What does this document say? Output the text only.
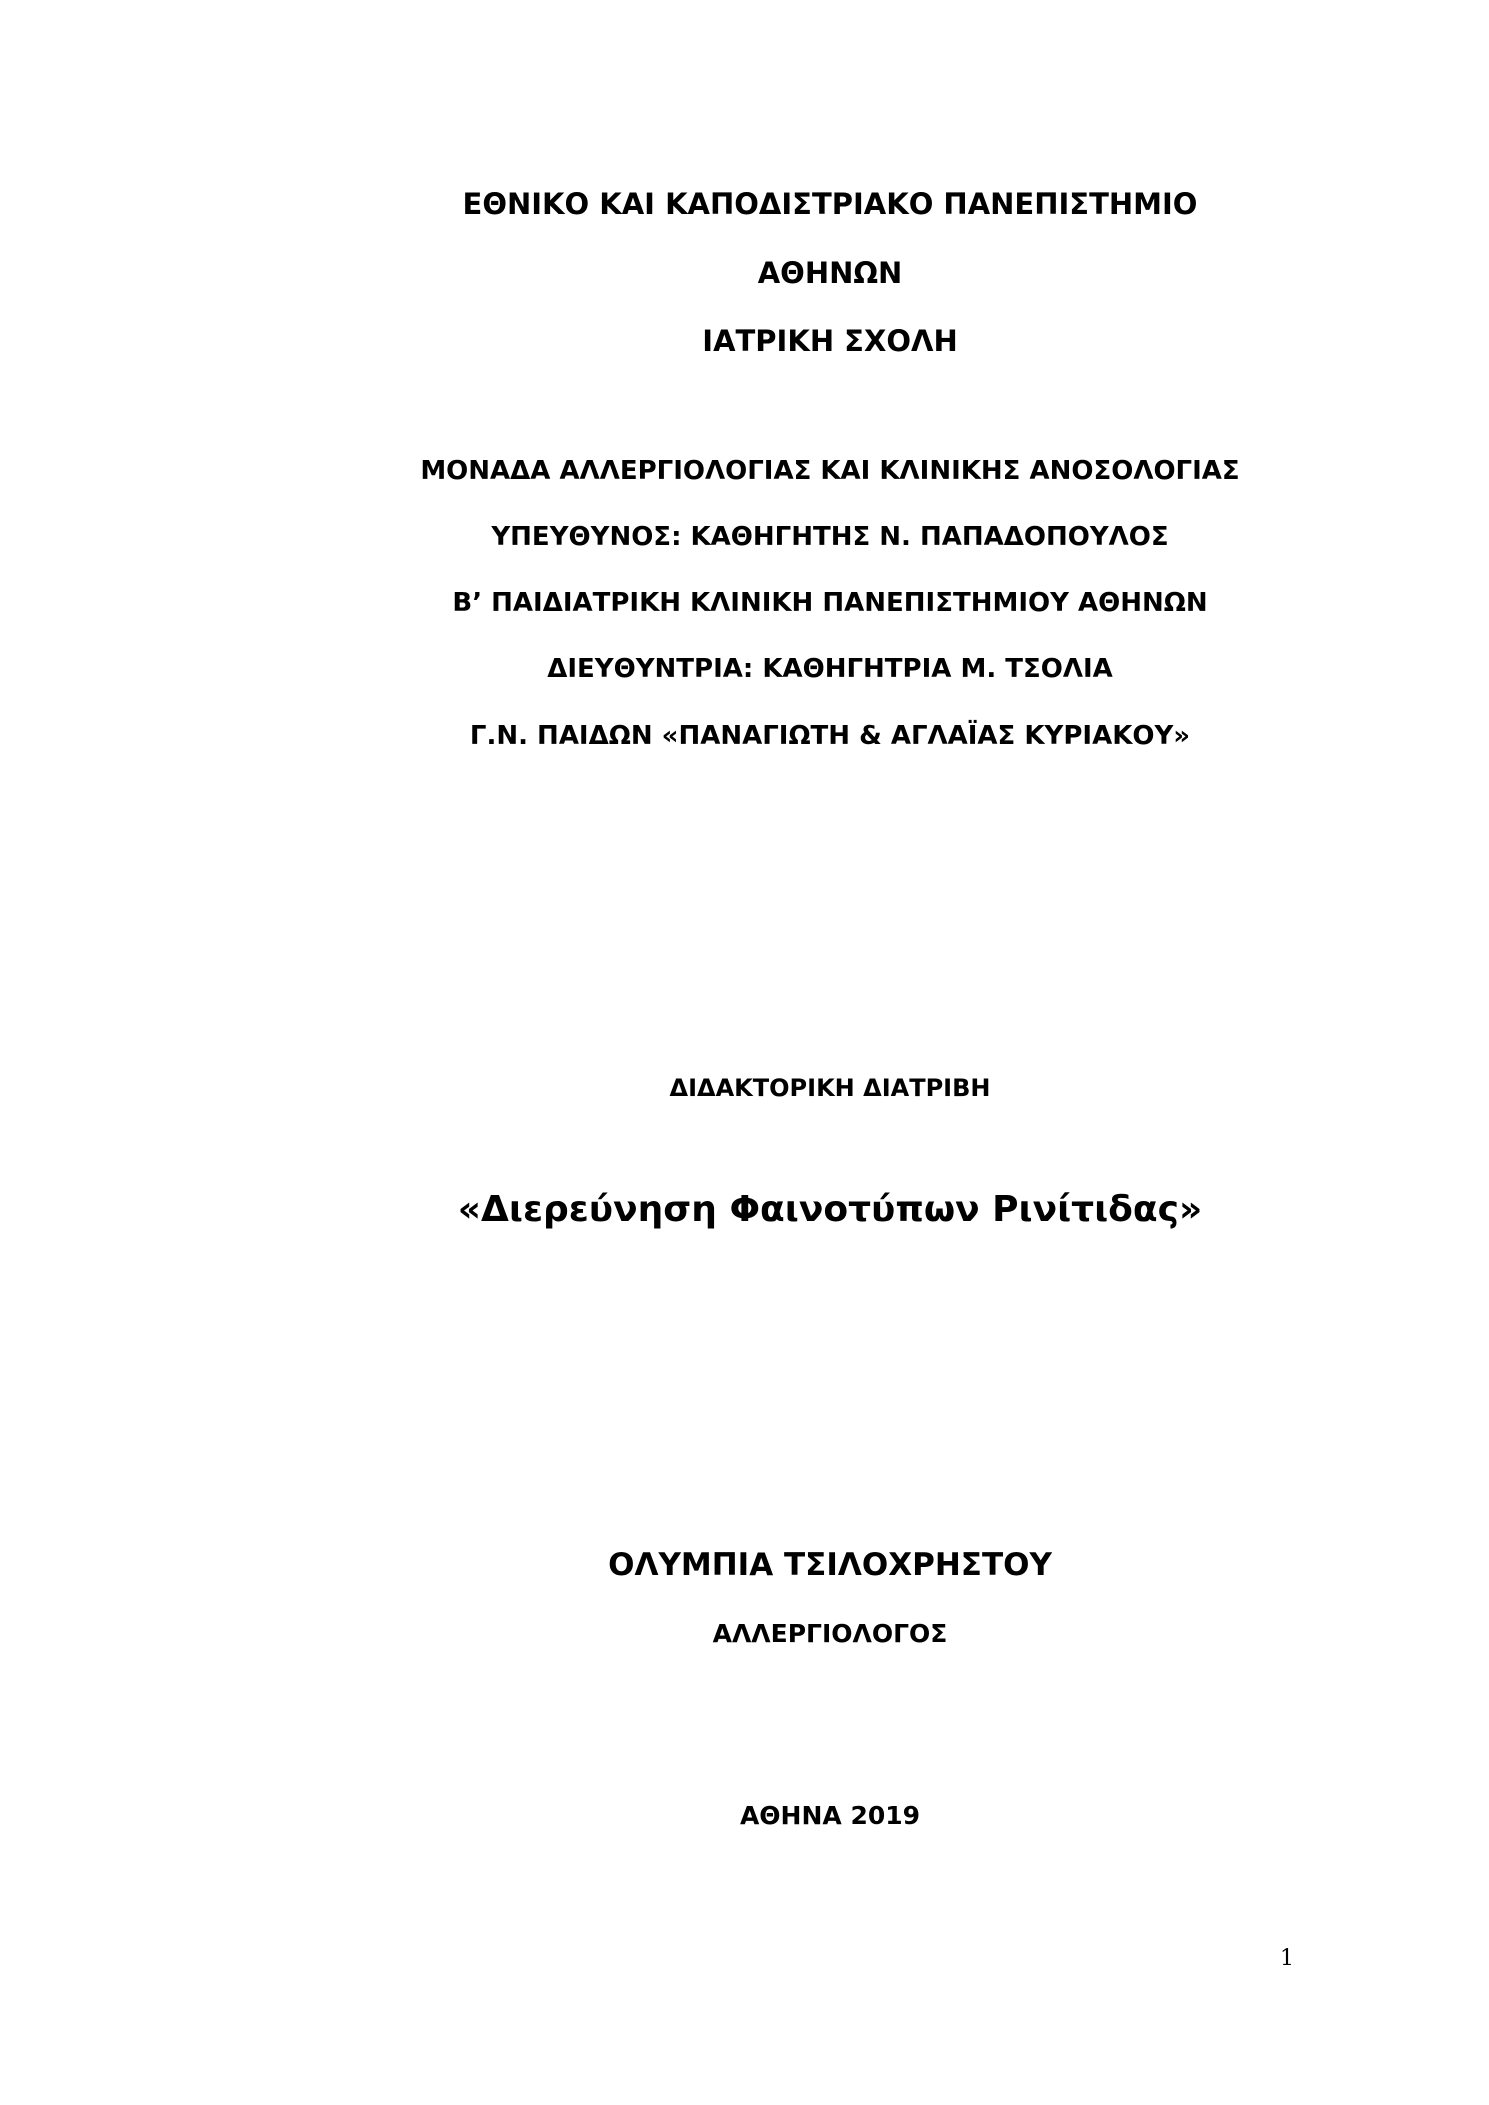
ΕΘΝΙΚΟ ΚΑΙ ΚΑΠΟΔΙΣΤΡΙΑΚΟ ΠΑΝΕΠΙΣΤΗΜΙΟ
ΑΘΗΝΩΝ
ΙΑΤΡΙΚΗ ΣΧΟΛΗ
ΜΟΝΑΔΑ ΑΛΛΕΡΓΙΟΛΟΓΙΑΣ ΚΑΙ ΚΛΙΝΙΚΗΣ ΑΝΟΣΟΛΟΓΙΑΣ
ΥΠΕΥΘΥΝΟΣ: ΚΑΘΗΓΗΤΗΣ Ν. ΠΑΠΑΔΟΠΟΥΛΟΣ
Β’ ΠΑΙΔΙΑΤΡΙΚΗ ΚΛΙΝΙΚΗ ΠΑΝΕΠΙΣΤΗΜΙΟΥ ΑΘΗΝΩΝ
ΔΙΕΥΘΥΝΤΡΙΑ: ΚΑΘΗΓΗΤΡΙΑ Μ. ΤΣΟΛΙΑ
Γ.Ν. ΠΑΙΔΩΝ «ΠΑΝΑΓΙΩΤΗ & ΑΓΛΑΪΑΣ ΚΥΡΙΑΚΟΥ»
ΔΙΔΑΚΤΟΡΙΚΗ ΔΙΑΤΡΙΒΗ
«Διερεύνηση Φαινοτύπων Ρινίτιδας»
ΟΛΥΜΠΙΑ ΤΣΙΛΟΧΡΗΣΤΟΥ
ΑΛΛΕΡΓΙΟΛΟΓΟΣ
ΑΘΗΝΑ 2019
1
